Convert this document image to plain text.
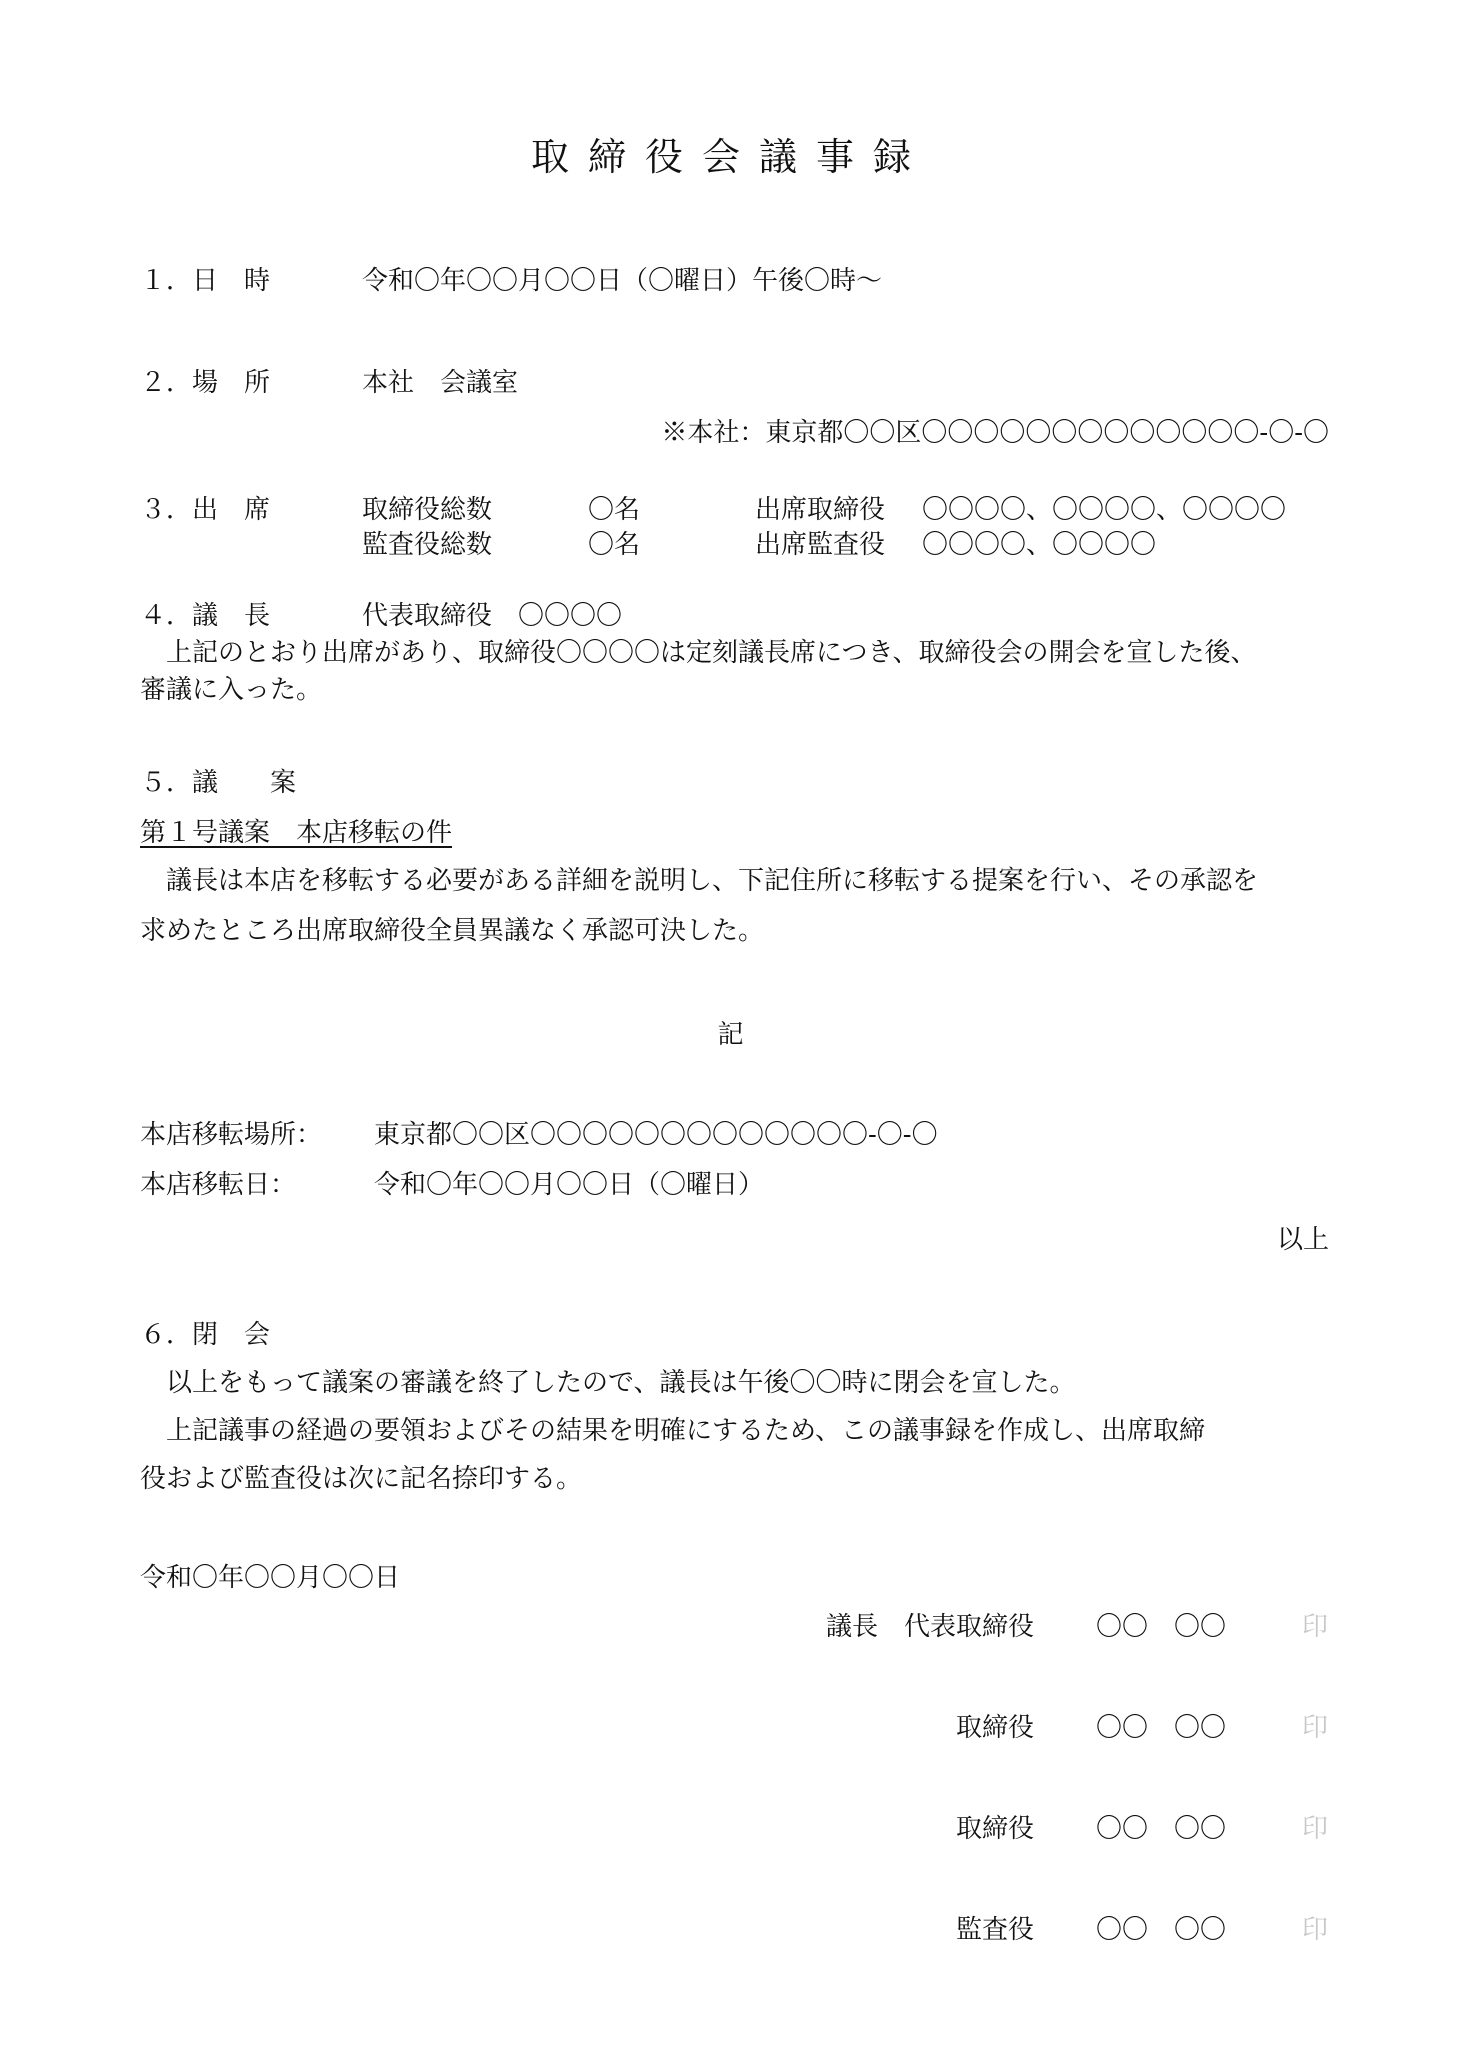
取締役会議事録
１．日　時	令和〇年〇〇月〇〇日（〇曜日）午後〇時～
２．場　所	本社　会議室
※本社：東京都〇〇区〇〇〇〇〇〇〇〇〇〇〇〇〇-〇-〇
３．出　席	取締役総数	〇名	出席取締役 〇〇〇〇、〇〇〇〇、〇〇〇〇
監査役総数	〇名	出席監査役 〇〇〇〇、〇〇〇〇
４．議　長	代表取締役　〇〇〇〇
上記のとおり出席があり、取締役〇〇〇〇は定刻議長席につき、取締役会の開会を宣した後、
審議に入った。
５．議　　案
第１号議案　本店移転の件
議長は本店を移転する必要がある詳細を説明し、下記住所に移転する提案を行い、その承認を
求めたところ出席取締役全員異議なく承認可決した。
記
本店移転場所： 東京都〇〇区〇〇〇〇〇〇〇〇〇〇〇〇〇-〇-〇
本店移転日：	令和〇年〇〇月〇〇日（〇曜日）
以上
６．閉　会
以上をもって議案の審議を終了したので、議長は午後〇〇時に閉会を宣した。
上記議事の経過の要領およびその結果を明確にするため、この議事録を作成し、出席取締
役および監査役は次に記名捺印する。
令和〇年〇〇月〇〇日
議長　代表取締役 〇〇　〇〇	印
取締役 〇〇　〇〇	印
取締役 〇〇　〇〇	印
監査役 〇〇　〇〇	印
